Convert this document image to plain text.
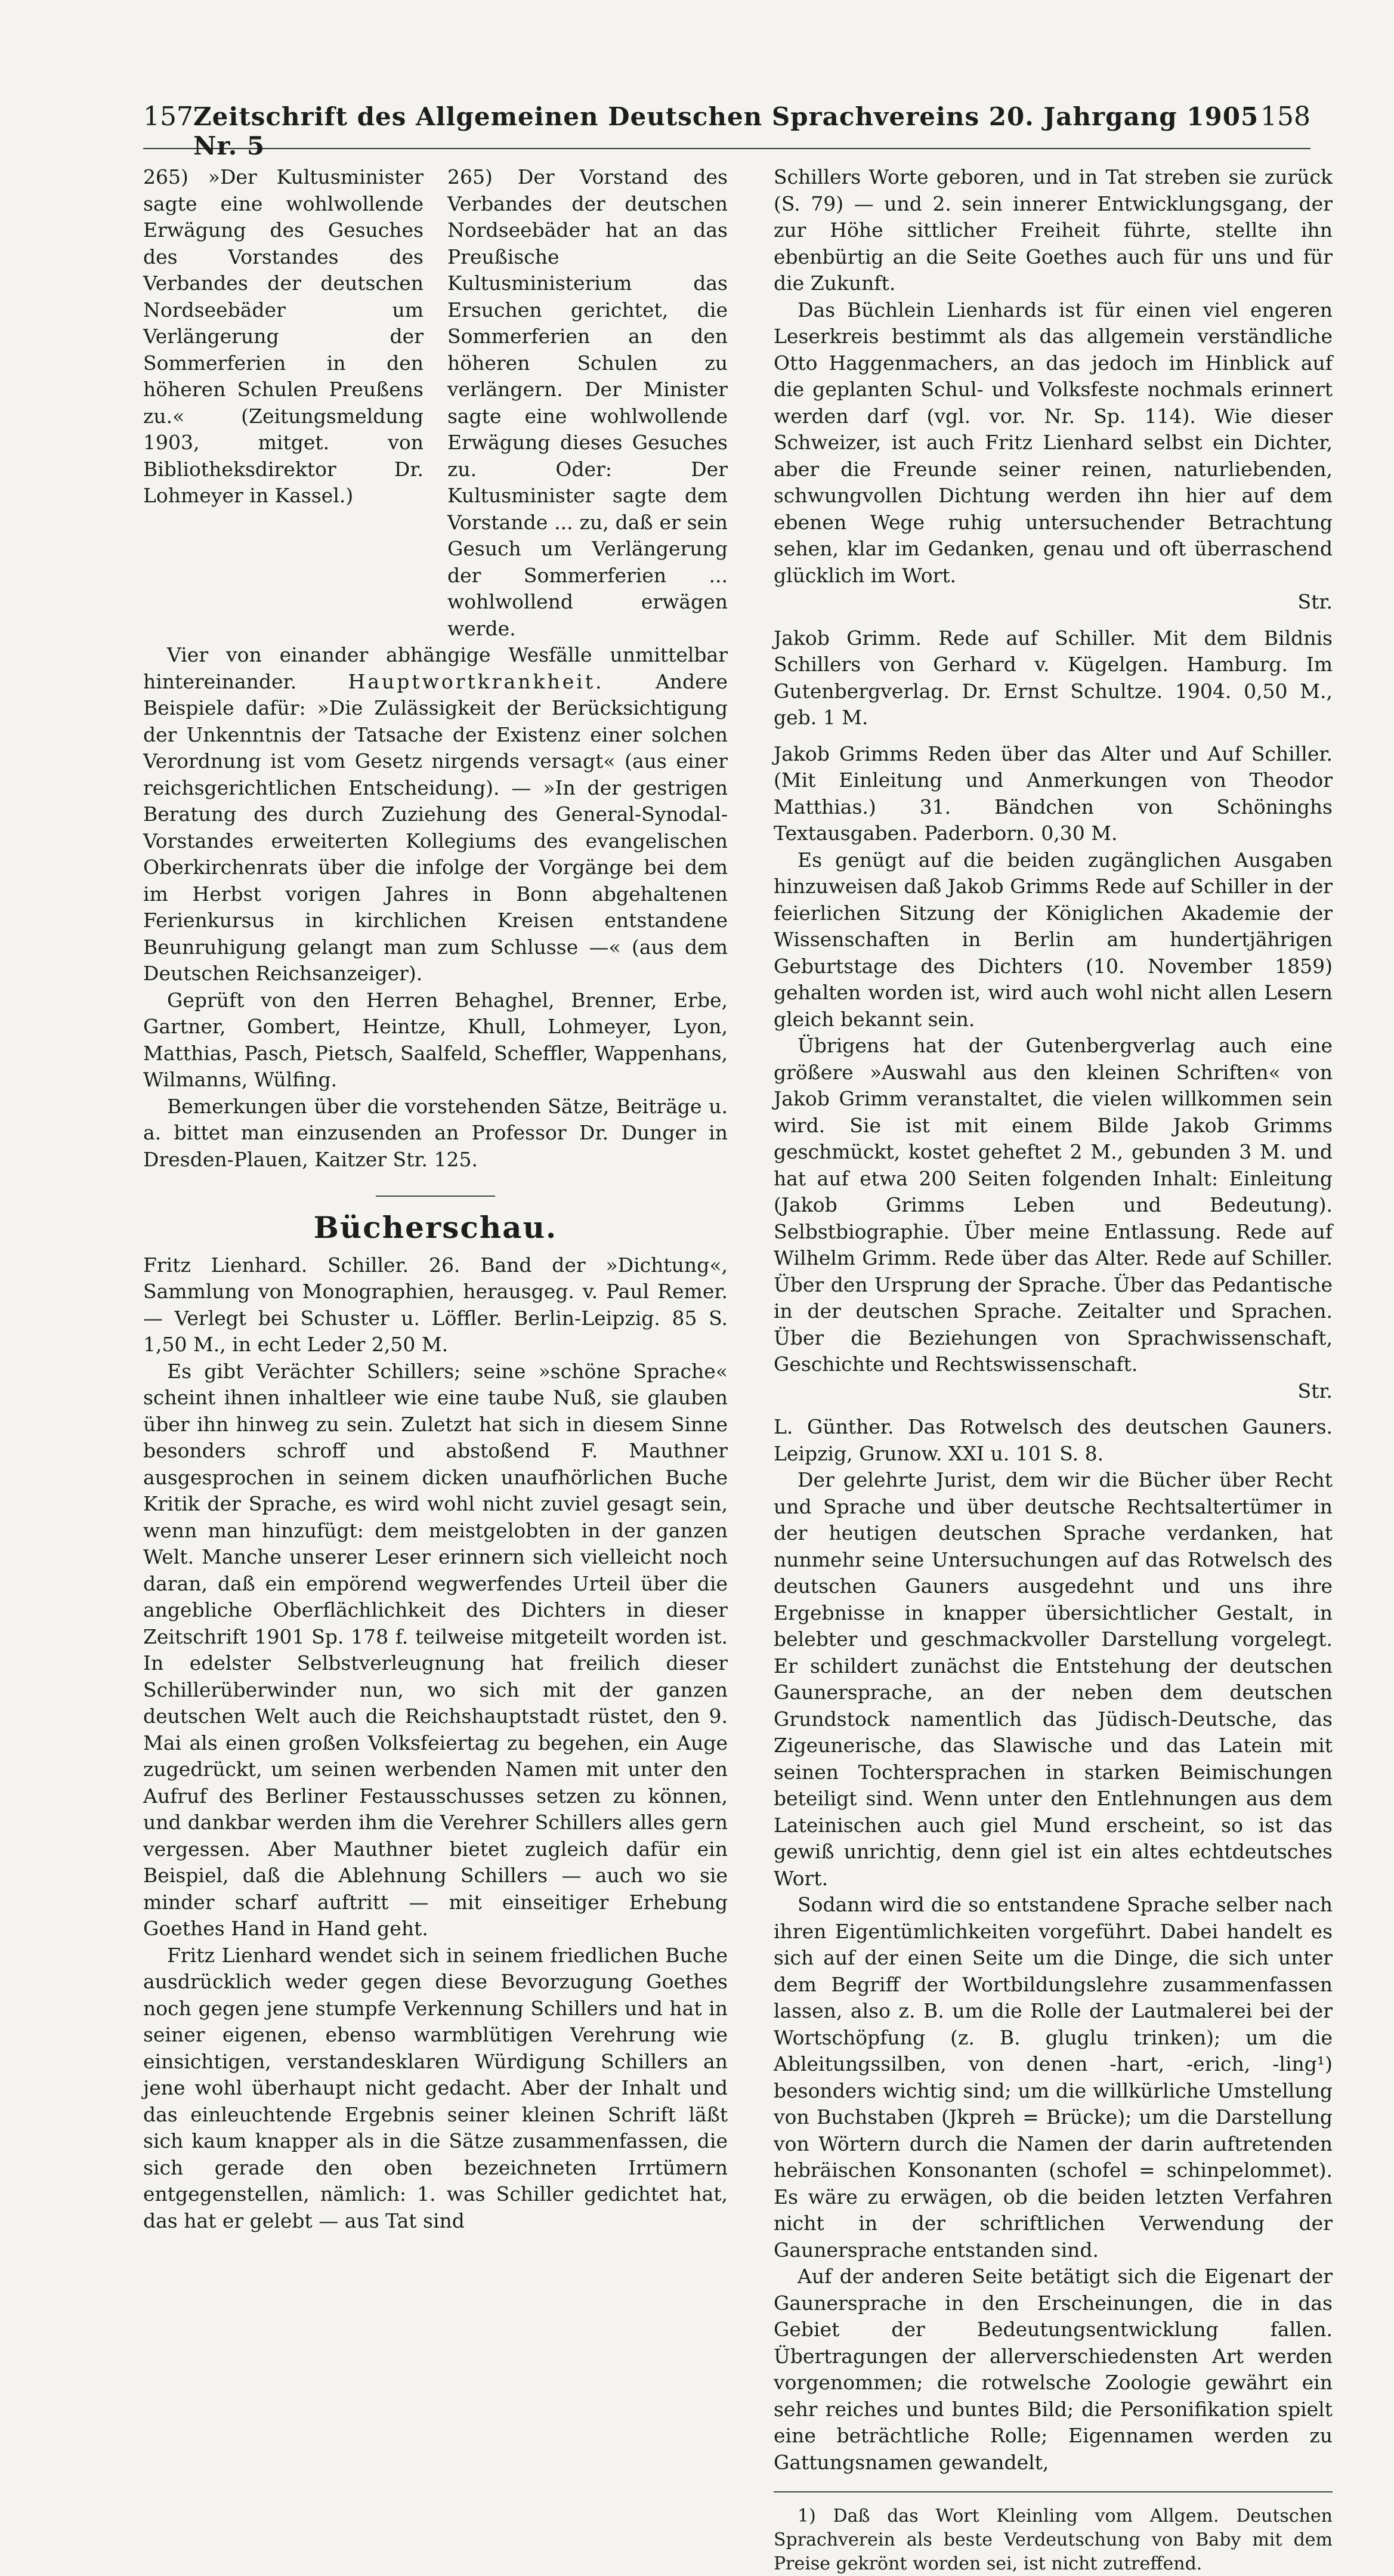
157 Zeitschrift des Allgemeinen Deutschen Sprachvereins 20. Jahrgang 1905 Nr. 5
158

265) »Der Kultusminister sagte eine wohlwollende Erwägung des Gesuches des Vorstandes des Verbandes der deutschen Nordseebäder um Verlängerung der Sommerferien in den höheren Schulen Preußens zu.« (Zeitungsmeldung 1903, mitget. von Bibliotheksdirektor Dr. Lohmeyer in Kassel.)

265) Der Vorstand des Verbandes der deutschen Nordseebäder hat an das Preußische Kultusministerium das Ersuchen gerichtet, die Sommerferien an den höheren Schulen zu verlängern. Der Minister sagte eine wohlwollende Erwägung dieses Gesuches zu. Oder: Der Kultusminister sagte dem Vorstande ... zu, daß er sein Gesuch um Verlängerung der Sommerferien ... wohlwollend erwägen werde.

Vier von einander abhängige Wesfälle unmittelbar hintereinander.	Hauptwortkrankheit.	Andere Beispiele dafür: »Die Zulässigkeit der Berücksichtigung der Unkenntnis der Tatsache der Existenz einer solchen Verordnung ist vom Gesetz nirgends versagt« (aus einer reichsgerichtlichen Entscheidung). — »In der gestrigen Beratung des durch Zuziehung des General-Synodal-Vorstandes erweiterten Kollegiums des evangelischen Oberkirchenrats über die infolge der Vorgänge bei dem im Herbst vorigen Jahres in Bonn abgehaltenen Ferienkursus in kirchlichen Kreisen entstandene Beunruhigung gelangt man zum Schlusse —« (aus dem Deutschen Reichsanzeiger).

Geprüft von den Herren Behaghel, Brenner, Erbe, Gartner, Gombert, Heintze, Khull, Lohmeyer, Lyon, Matthias, Pasch, Pietsch, Saalfeld, Scheffler, Wappenhans, Wilmanns, Wülfing.

Bemerkungen über die vorstehenden Sätze, Beiträge u. a. bittet man einzusenden an Professor Dr. Dunger in Dresden-Plauen, Kaitzer Str. 125.

Bücherschau.

Fritz Lienhard. Schiller. 26. Band der »Dichtung«, Sammlung von Monographien, herausgeg. v. Paul Remer. — Verlegt bei Schuster u. Löffler. Berlin-Leipzig. 85 S. 1,50 M., in echt Leder 2,50 M.

Es gibt Verächter Schillers; seine »schöne Sprache« scheint ihnen inhaltleer wie eine taube Nuß, sie glauben über ihn hinweg zu sein. Zuletzt hat sich in diesem Sinne besonders schroff und abstoßend F. Mauthner ausgesprochen in seinem dicken unaufhörlichen Buche Kritik der Sprache, es wird wohl nicht zuviel gesagt sein, wenn man hinzufügt: dem meistgelobten in der ganzen Welt. Manche unserer Leser erinnern sich vielleicht noch daran, daß ein empörend wegwerfendes Urteil über die angebliche Oberflächlichkeit des Dichters in dieser Zeitschrift 1901 Sp. 178 f. teilweise mitgeteilt worden ist. In edelster Selbstverleugnung hat freilich dieser Schillerüberwinder nun, wo sich mit der ganzen deutschen Welt auch die Reichshauptstadt rüstet, den 9. Mai als einen großen Volksfeiertag zu begehen, ein Auge zugedrückt, um seinen werbenden Namen mit unter den Aufruf des Berliner Festausschusses setzen zu können, und dankbar werden ihm die Verehrer Schillers alles gern vergessen. Aber Mauthner bietet zugleich dafür ein Beispiel, daß die Ablehnung Schillers — auch wo sie minder scharf auftritt — mit einseitiger Erhebung Goethes Hand in Hand geht.

Fritz Lienhard wendet sich in seinem friedlichen Buche ausdrücklich weder gegen diese Bevorzugung Goethes noch gegen jene stumpfe Verkennung Schillers und hat in seiner eigenen, ebenso warmblütigen Verehrung wie einsichtigen, verstandesklaren Würdigung Schillers an jene wohl überhaupt nicht gedacht. Aber der Inhalt und das einleuchtende Ergebnis seiner kleinen Schrift läßt sich kaum knapper als in die Sätze zusammenfassen, die sich gerade den oben bezeichneten Irrtümern entgegenstellen, nämlich: 1. was Schiller gedichtet hat, das hat er gelebt — aus Tat sind

Schillers Worte geboren, und in Tat streben sie zurück (S. 79) — und 2. sein innerer Entwicklungsgang, der zur Höhe sittlicher Freiheit führte, stellte ihn ebenbürtig an die Seite Goethes auch für uns und für die Zukunft.

Das Büchlein Lienhards ist für einen viel engeren Leserkreis bestimmt als das allgemein verständliche Otto Haggenmachers, an das jedoch im Hinblick auf die geplanten Schul- und Volksfeste nochmals erinnert werden darf (vgl. vor. Nr. Sp. 114). Wie dieser Schweizer, ist auch Fritz Lienhard selbst ein Dichter, aber die Freunde seiner reinen, naturliebenden, schwungvollen Dichtung werden ihn hier auf dem ebenen Wege ruhig untersuchender Betrachtung sehen, klar im Gedanken, genau und oft überraschend glücklich im Wort.

Str.

Jakob Grimm. Rede auf Schiller. Mit dem Bildnis Schillers von Gerhard v. Kügelgen. Hamburg. Im Gutenbergverlag. Dr. Ernst Schultze. 1904. 0,50 M., geb. 1 M.

Jakob Grimms Reden über das Alter und Auf Schiller. (Mit Einleitung und Anmerkungen von Theodor Matthias.) 31. Bändchen von Schöninghs Textausgaben. Paderborn. 0,30 M.

Es genügt auf die beiden zugänglichen Ausgaben hinzuweisen daß Jakob Grimms Rede auf Schiller in der feierlichen Sitzung der Königlichen Akademie der Wissenschaften in Berlin am hundertjährigen Geburtstage des Dichters (10. November 1859) gehalten worden ist, wird auch wohl nicht allen Lesern gleich bekannt sein.

Übrigens hat der Gutenbergverlag auch eine größere »Auswahl aus den kleinen Schriften« von Jakob Grimm veranstaltet, die vielen willkommen sein wird. Sie ist mit einem Bilde Jakob Grimms geschmückt, kostet geheftet 2 M., gebunden 3 M. und hat auf etwa 200 Seiten folgenden Inhalt: Einleitung (Jakob Grimms Leben und Bedeutung). Selbstbiographie. Über meine Entlassung. Rede auf Wilhelm Grimm. Rede über das Alter. Rede auf Schiller. Über den Ursprung der Sprache. Über das Pedantische in der deutschen Sprache. Zeitalter und Sprachen. Über die Beziehungen von Sprachwissenschaft, Geschichte und Rechtswissenschaft.

Str.

L. Günther. Das Rotwelsch des deutschen Gauners. Leipzig, Grunow. XXI u. 101 S. 8.

Der gelehrte Jurist, dem wir die Bücher über Recht und Sprache und über deutsche Rechtsaltertümer in der heutigen deutschen Sprache verdanken, hat nunmehr seine Untersuchungen auf das Rotwelsch des deutschen Gauners ausgedehnt und uns ihre Ergebnisse in knapper übersichtlicher Gestalt, in belebter und geschmackvoller Darstellung vorgelegt. Er schildert zunächst die Entstehung der deutschen Gaunersprache, an der neben dem deutschen Grundstock namentlich das Jüdisch-Deutsche, das Zigeunerische, das Slawische und das Latein mit seinen Tochtersprachen in starken Beimischungen beteiligt sind. Wenn unter den Entlehnungen aus dem Lateinischen auch giel Mund erscheint, so ist das gewiß unrichtig, denn giel ist ein altes echtdeutsches Wort.

Sodann wird die so entstandene Sprache selber nach ihren Eigentümlichkeiten vorgeführt. Dabei handelt es sich auf der einen Seite um die Dinge, die sich unter dem Begriff der Wortbildungslehre zusammenfassen lassen, also z. B. um die Rolle der Lautmalerei bei der Wortschöpfung (z. B. gluglu trinken); um die Ableitungssilben, von denen -hart, -erich, -ling¹) besonders wichtig sind; um die willkürliche Umstellung von Buchstaben (Jkpreh = Brücke); um die Darstellung von Wörtern durch die Namen der darin auftretenden hebräischen Konsonanten (schofel = schinpelommet). Es wäre zu erwägen, ob die beiden letzten Verfahren nicht in der schriftlichen Verwendung der Gaunersprache entstanden sind.

Auf der anderen Seite betätigt sich die Eigenart der Gaunersprache in den Erscheinungen, die in das Gebiet der Bedeutungsentwicklung fallen. Übertragungen der allerverschiedensten Art werden vorgenommen; die rotwelsche Zoologie gewährt ein sehr reiches und buntes Bild; die Personifikation spielt eine beträchtliche Rolle; Eigennamen werden zu Gattungsnamen gewandelt,

1) Daß das Wort Kleinling vom Allgem. Deutschen Sprachverein als beste Verdeutschung von Baby mit dem Preise gekrönt worden sei, ist nicht zutreffend.
